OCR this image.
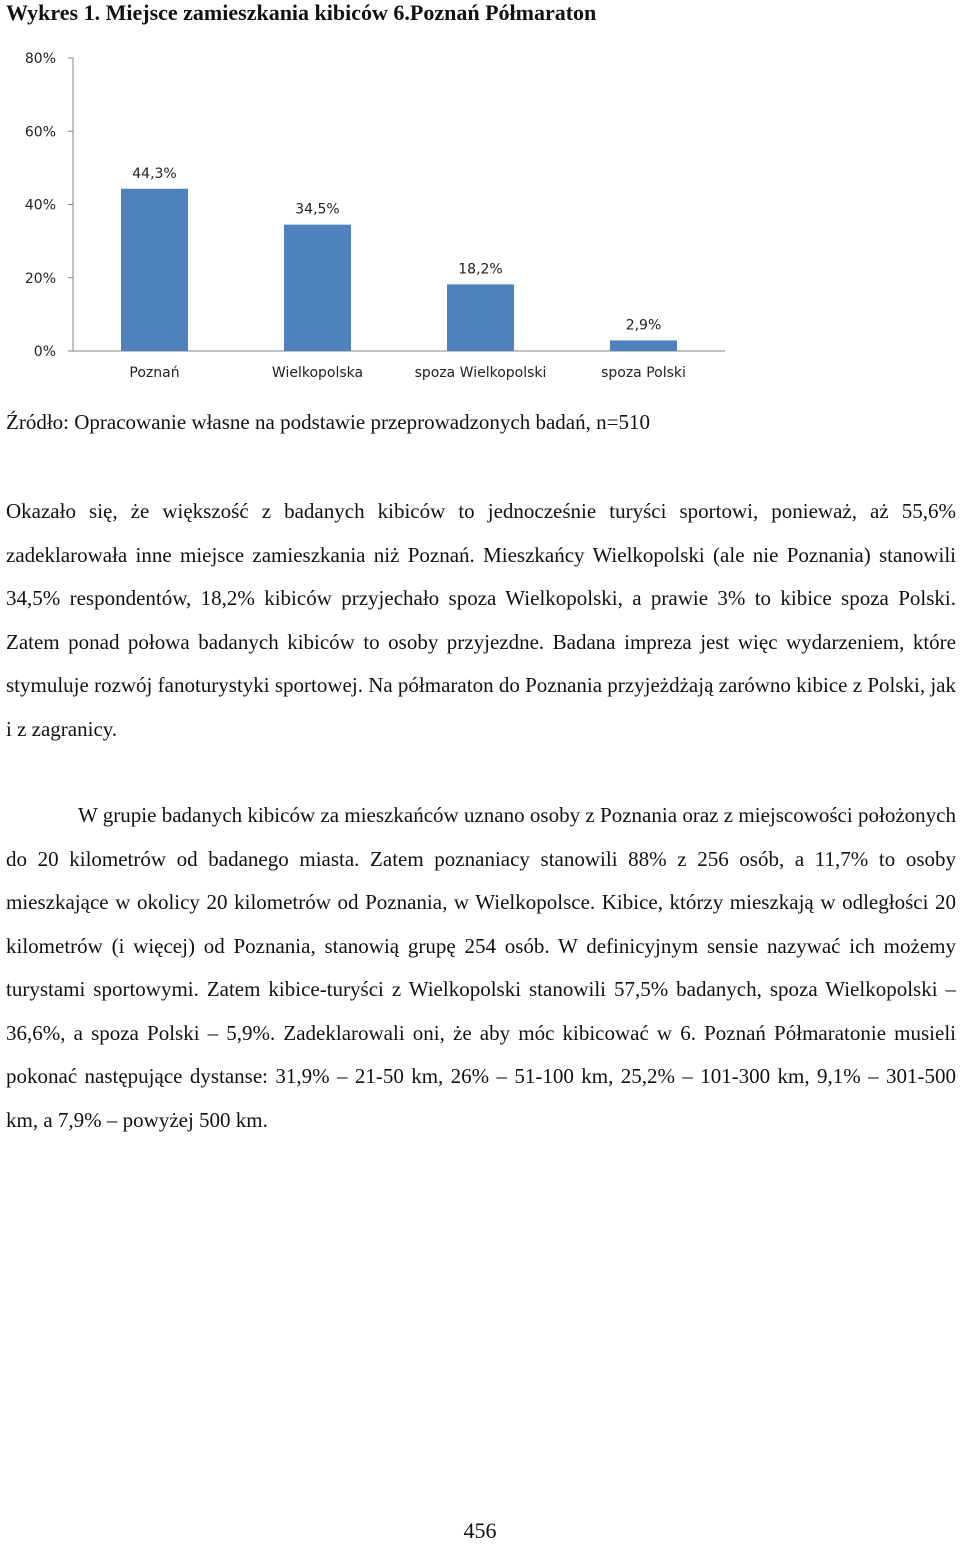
Wykres 1. Miejsce zamieszkania kibiców 6.Poznań Półmaraton
0%
20%
40%
60%
80%
44,3%
34,5%
18,2%
2,9%
Poznań	Wielkopolska	spoza Wielkopolski	spoza Polski
Źródło: Opracowanie własne na podstawie przeprowadzonych badań, n=510

Okazało się, że większość z badanych kibiców to jednocześnie turyści sportowi, ponieważ, aż 55,6% zadeklarowała inne miejsce zamieszkania niż Poznań. Mieszkańcy Wielkopolski (ale nie Poznania) stanowili 34,5% respondentów, 18,2% kibiców przyjechało spoza Wielkopolski, a prawie 3% to kibice spoza Polski. Zatem ponad połowa badanych kibiców to osoby przyjezdne. Badana impreza jest więc wydarzeniem, które stymuluje rozwój fanoturystyki sportowej. Na półmaraton do Poznania przyjeżdżają zarówno kibice z Polski, jak i z zagranicy.

W grupie badanych kibiców za mieszkańców uznano osoby z Poznania oraz z miejscowości położonych do 20 kilometrów od badanego miasta. Zatem poznaniacy stanowili 88% z 256 osób, a 11,7% to osoby mieszkające w okolicy 20 kilometrów od Poznania, w Wielkopolsce. Kibice, którzy mieszkają w odległości 20 kilometrów (i więcej) od Poznania, stanowią grupę 254 osób. W definicyjnym sensie nazywać ich możemy turystami sportowymi. Zatem kibice-turyści z Wielkopolski stanowili 57,5% badanych, spoza Wielkopolski – 36,6%, a spoza Polski – 5,9%. Zadeklarowali oni, że aby móc kibicować w 6. Poznań Półmaratonie musieli pokonać następujące dystanse: 31,9% – 21-50 km, 26% – 51-100 km, 25,2% – 101-300 km, 9,1% – 301-500 km, a 7,9% – powyżej 500 km.

456
